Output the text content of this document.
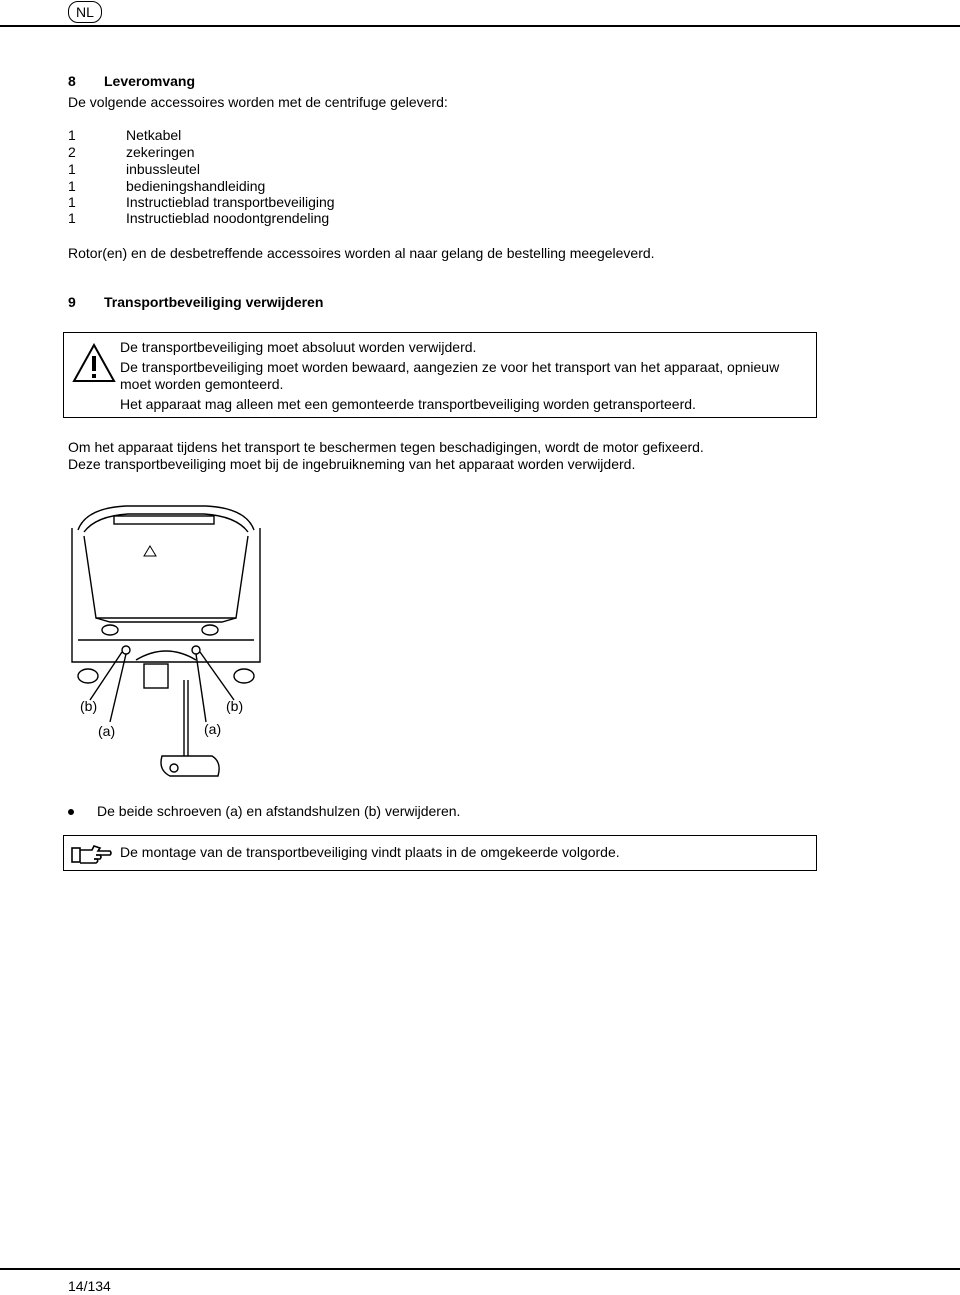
NL
8 Leveromvang
De volgende accessoires worden met de centrifuge geleverd:
1	Netkabel
2	zekeringen
1	inbussleutel
1	bedieningshandleiding
1	Instructieblad transportbeveiliging
1	Instructieblad noodontgrendeling
Rotor(en) en de desbetreffende accessoires worden al naar gelang de bestelling meegeleverd.
9 Transportbeveiliging verwijderen
De transportbeveiliging moet absoluut worden verwijderd.
De transportbeveiliging moet worden bewaard, aangezien ze voor het transport van het apparaat, opnieuw moet worden gemonteerd.
Het apparaat mag alleen met een gemonteerde transportbeveiliging worden getransporteerd.
Om het apparaat tijdens het transport te beschermen tegen beschadigingen, wordt de motor gefixeerd.
Deze transportbeveiliging moet bij de ingebruikneming van het apparaat worden verwijderd.
(b)
(a)
(b)
(a)
De beide schroeven (a) en afstandshulzen (b) verwijderen.
De montage van de transportbeveiliging vindt plaats in de omgekeerde volgorde.
14/134
